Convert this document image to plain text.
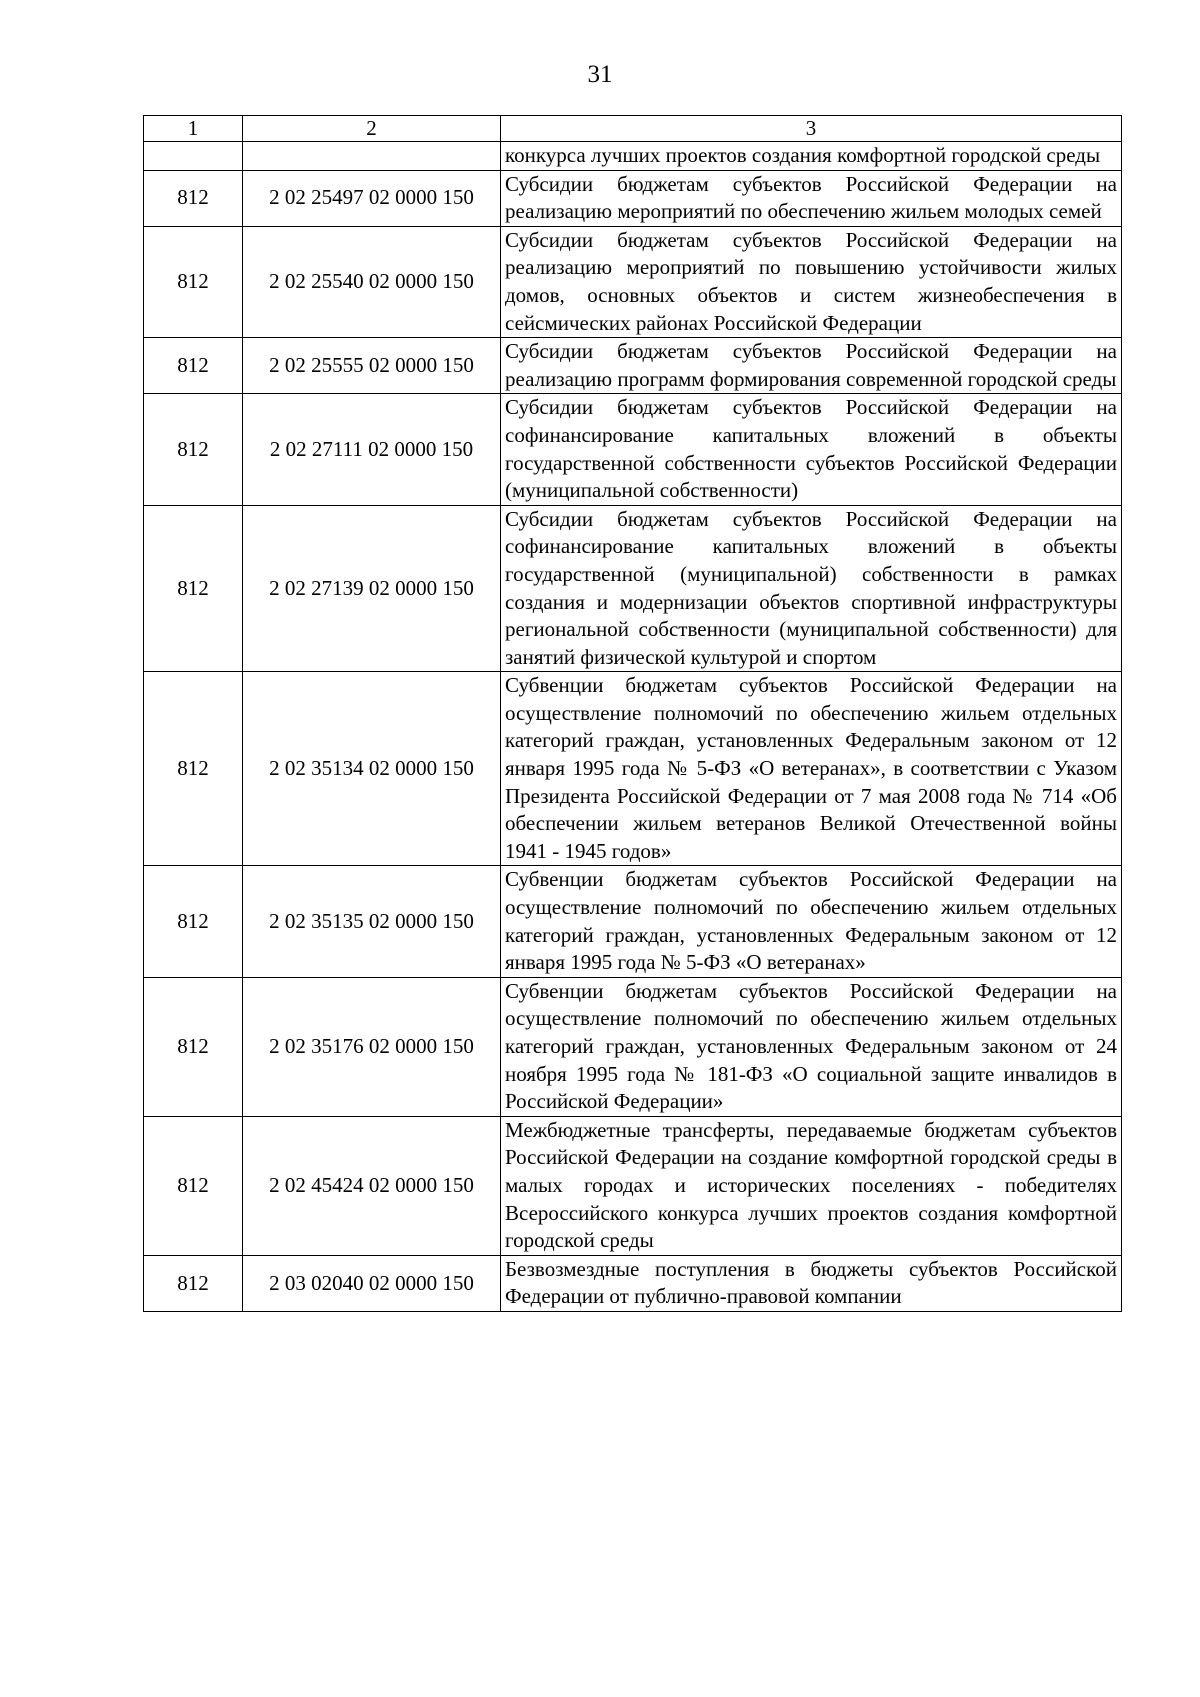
31
1	2	3
		конкурса лучших проектов создания комфортной городской среды
812	2 02 25497 02 0000 150	Субсидии бюджетам субъектов Российской Федерации на реализацию мероприятий по обеспечению жильем молодых семей
812	2 02 25540 02 0000 150	Субсидии бюджетам субъектов Российской Федерации на реализацию мероприятий по повышению устойчивости жилых домов, основных объектов и систем жизнеобеспечения в сейсмических районах Российской Федерации
812	2 02 25555 02 0000 150	Субсидии бюджетам субъектов Российской Федерации на реализацию программ формирования современной городской среды
812	2 02 27111 02 0000 150	Субсидии бюджетам субъектов Российской Федерации на софинансирование капитальных вложений в объекты государственной собственности субъектов Российской Федерации (муниципальной собственности)
812	2 02 27139 02 0000 150	Субсидии бюджетам субъектов Российской Федерации на софинансирование капитальных вложений в объекты государственной (муниципальной) собственности в рамках создания и модернизации объектов спортивной инфраструктуры региональной собственности (муниципальной собственности) для занятий физической культурой и спортом
812	2 02 35134 02 0000 150	Субвенции бюджетам субъектов Российской Федерации на осуществление полномочий по обеспечению жильем отдельных категорий граждан, установленных Федеральным законом от 12 января 1995 года № 5-ФЗ «О ветеранах», в соответствии с Указом Президента Российской Федерации от 7 мая 2008 года № 714 «Об обеспечении жильем ветеранов Великой Отечественной войны 1941 - 1945 годов»
812	2 02 35135 02 0000 150	Субвенции бюджетам субъектов Российской Федерации на осуществление полномочий по обеспечению жильем отдельных категорий граждан, установленных Федеральным законом от 12 января 1995 года № 5-ФЗ «О ветеранах»
812	2 02 35176 02 0000 150	Субвенции бюджетам субъектов Российской Федерации на осуществление полномочий по обеспечению жильем отдельных категорий граждан, установленных Федеральным законом от 24 ноября 1995 года № 181-ФЗ «О социальной защите инвалидов в Российской Федерации»
812	2 02 45424 02 0000 150	Межбюджетные трансферты, передаваемые бюджетам субъектов Российской Федерации на создание комфортной городской среды в малых городах и исторических поселениях - победителях Всероссийского конкурса лучших проектов создания комфортной городской среды
812	2 03 02040 02 0000 150	Безвозмездные поступления в бюджеты субъектов Российской Федерации от публично-правовой компании
